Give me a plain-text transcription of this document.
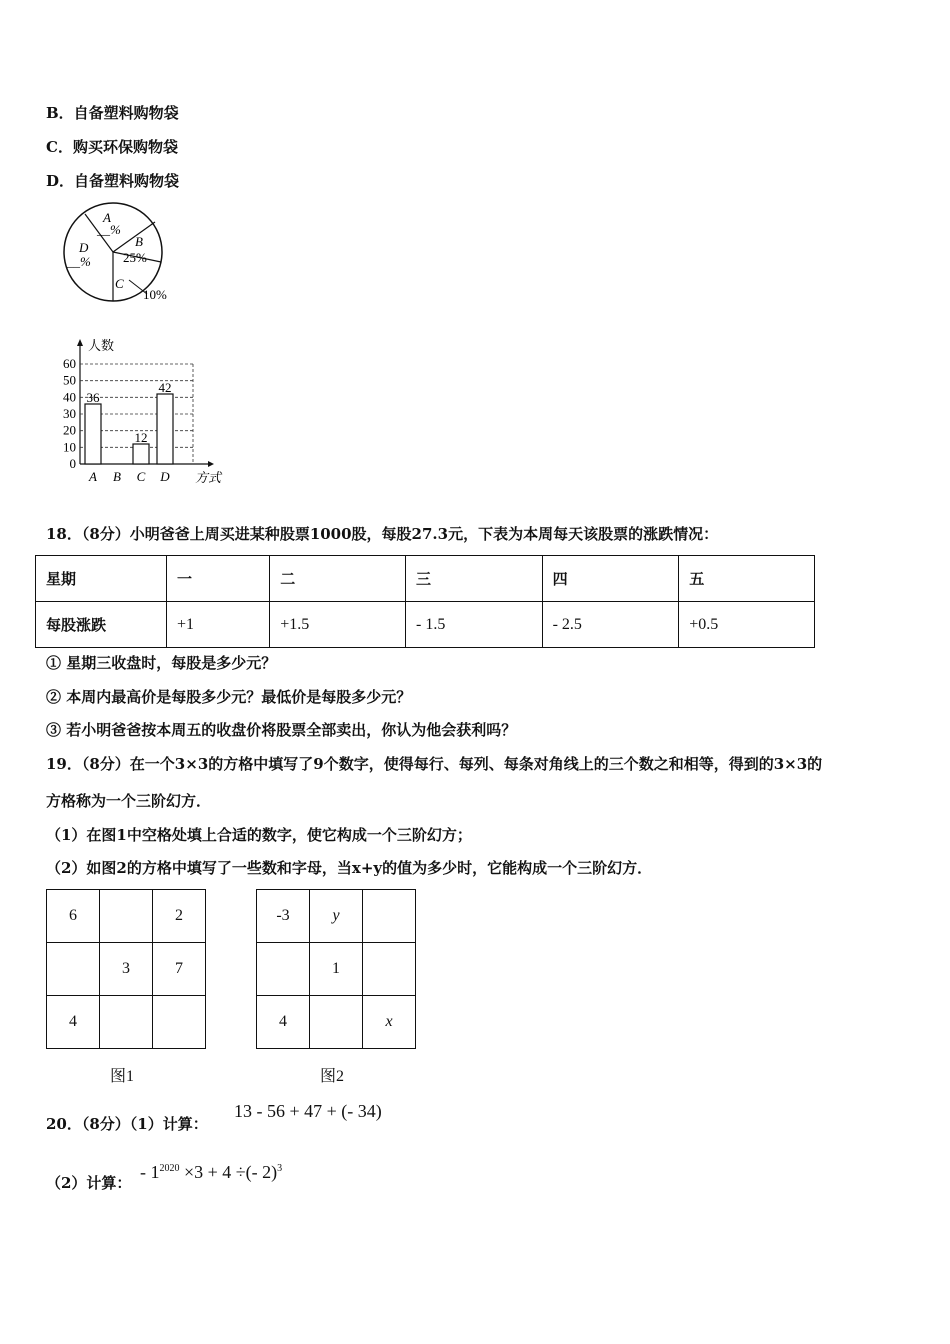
B．自备塑料购物袋
C．购买环保购物袋
D．自备塑料购物袋
A
__%
B
25%
C
10%
D
__%
0
10
20
30
40
50
60
36
12
42
A B C D
人数
方式
18．（8分）小明爸爸上周买进某种股票1000股，每股27.3元，下表为本周每天该股票的涨跌情况：
星期	一	二	三	四	五
每股涨跌	+1	+1.5	- 1.5	- 2.5	+0.5
① 星期三收盘时，每股是多少元？
② 本周内最高价是每股多少元？最低价是每股多少元？
③ 若小明爸爸按本周五的收盘价将股票全部卖出，你认为他会获利吗？
19．（8分）在一个3×3的方格中填写了9个数字，使得每行、每列、每条对角线上的三个数之和相等，得到的3×3的
方格称为一个三阶幻方．
（1）在图1中空格处填上合适的数字，使它构成一个三阶幻方；
（2）如图2的方格中填写了一些数和字母，当x+y的值为多少时，它能构成一个三阶幻方．
6		2
	3	7
4		
图1
-3	y	
	1	
4		x
图2
20．（8分）（1）计算：
13 - 56 + 47 + (- 34)
（2）计算：
- $1^{2020} \times 3 + 4$ ÷(- 2)$^3$
